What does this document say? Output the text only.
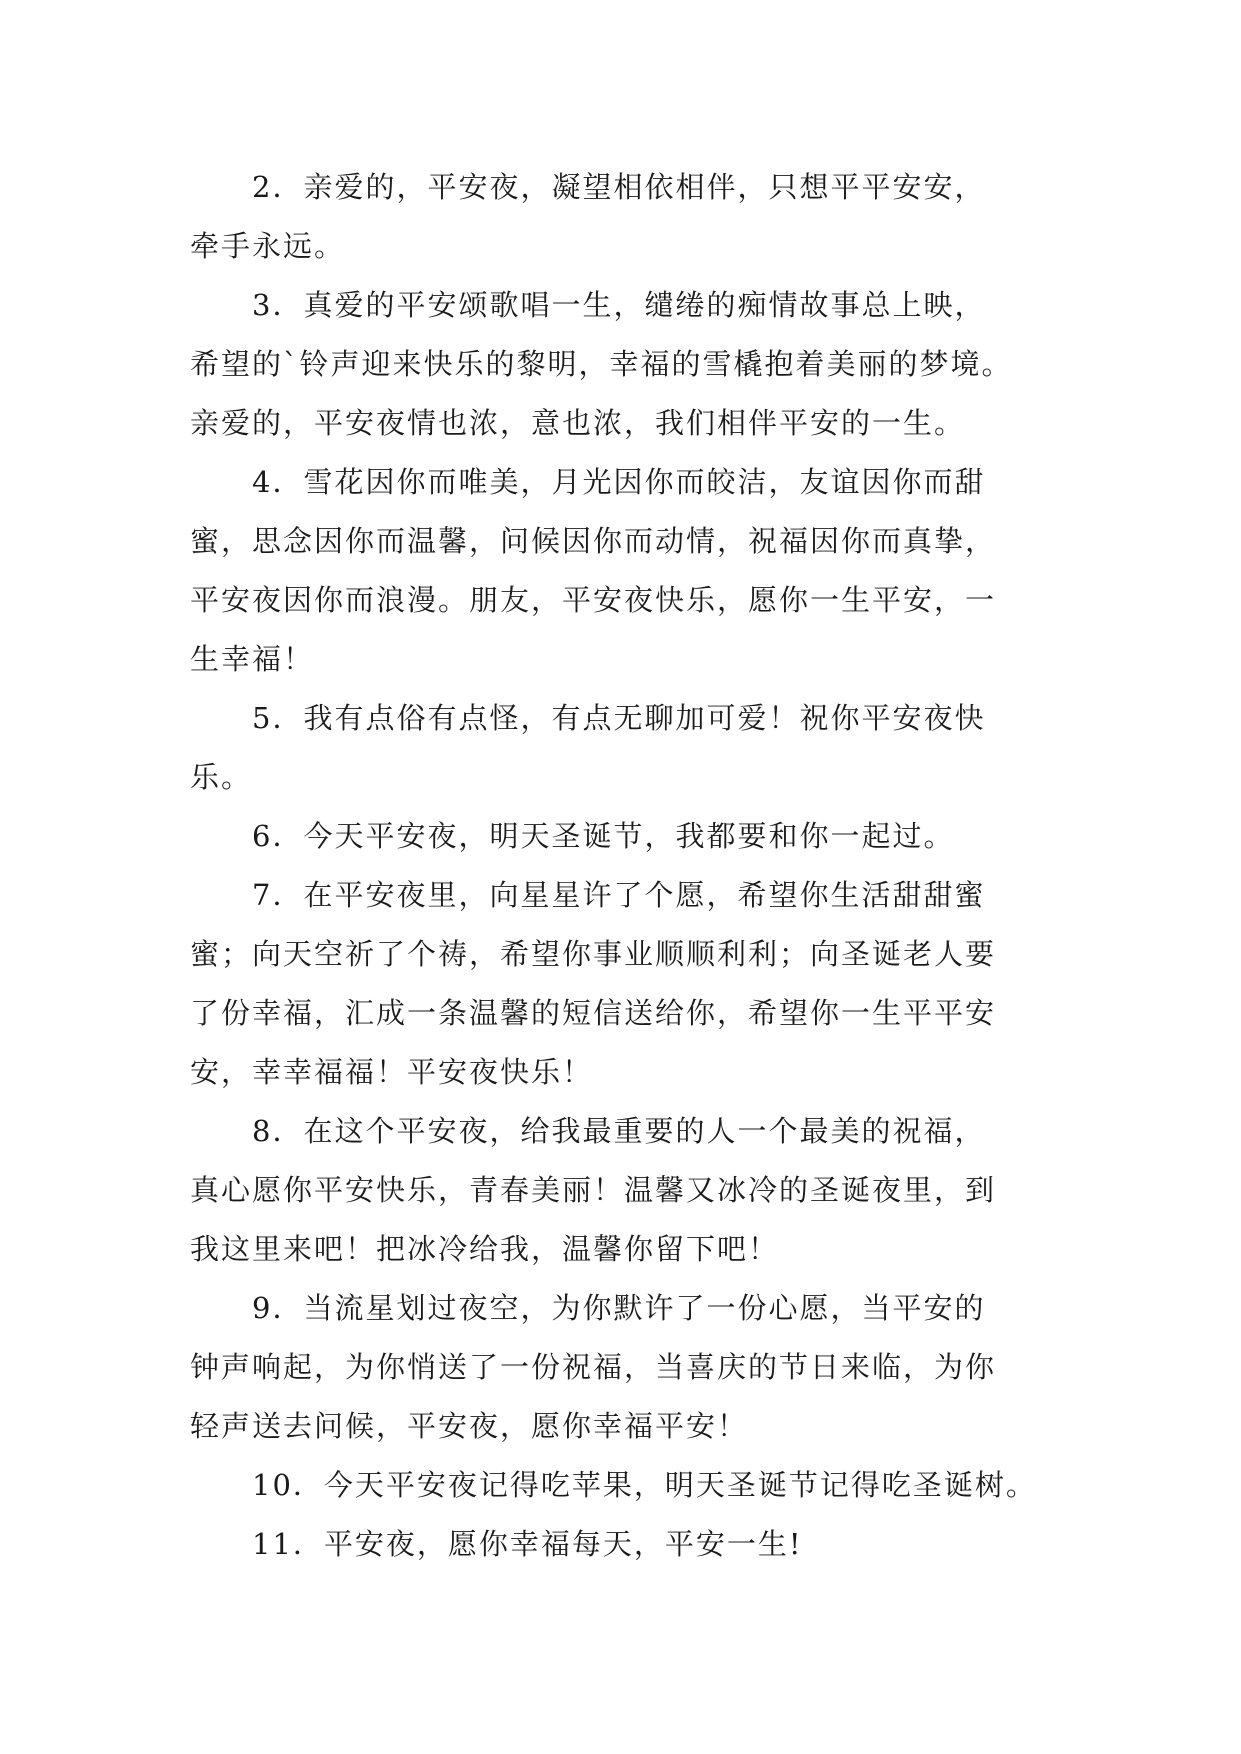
2．亲爱的，平安夜，凝望相依相伴，只想平平安安，
牵手永远。
3．真爱的平安颂歌唱一生，缱绻的痴情故事总上映，
希望的`铃声迎来快乐的黎明，幸福的雪橇抱着美丽的梦境。
亲爱的，平安夜情也浓，意也浓，我们相伴平安的一生。
4．雪花因你而唯美，月光因你而皎洁，友谊因你而甜
蜜，思念因你而温馨，问候因你而动情，祝福因你而真挚，
平安夜因你而浪漫。朋友，平安夜快乐，愿你一生平安，一
生幸福！
5．我有点俗有点怪，有点无聊加可爱！祝你平安夜快
乐。
6．今天平安夜，明天圣诞节，我都要和你一起过。
7．在平安夜里，向星星许了个愿，希望你生活甜甜蜜
蜜；向天空祈了个祷，希望你事业顺顺利利；向圣诞老人要
了份幸福，汇成一条温馨的短信送给你，希望你一生平平安
安，幸幸福福！平安夜快乐！
8．在这个平安夜，给我最重要的人一个最美的祝福，
真心愿你平安快乐，青春美丽！温馨又冰冷的圣诞夜里，到
我这里来吧！把冰冷给我，温馨你留下吧！
9．当流星划过夜空，为你默许了一份心愿，当平安的
钟声响起，为你悄送了一份祝福，当喜庆的节日来临，为你
轻声送去问候，平安夜，愿你幸福平安！
10．今天平安夜记得吃苹果，明天圣诞节记得吃圣诞树。
11．平安夜，愿你幸福每天，平安一生!
